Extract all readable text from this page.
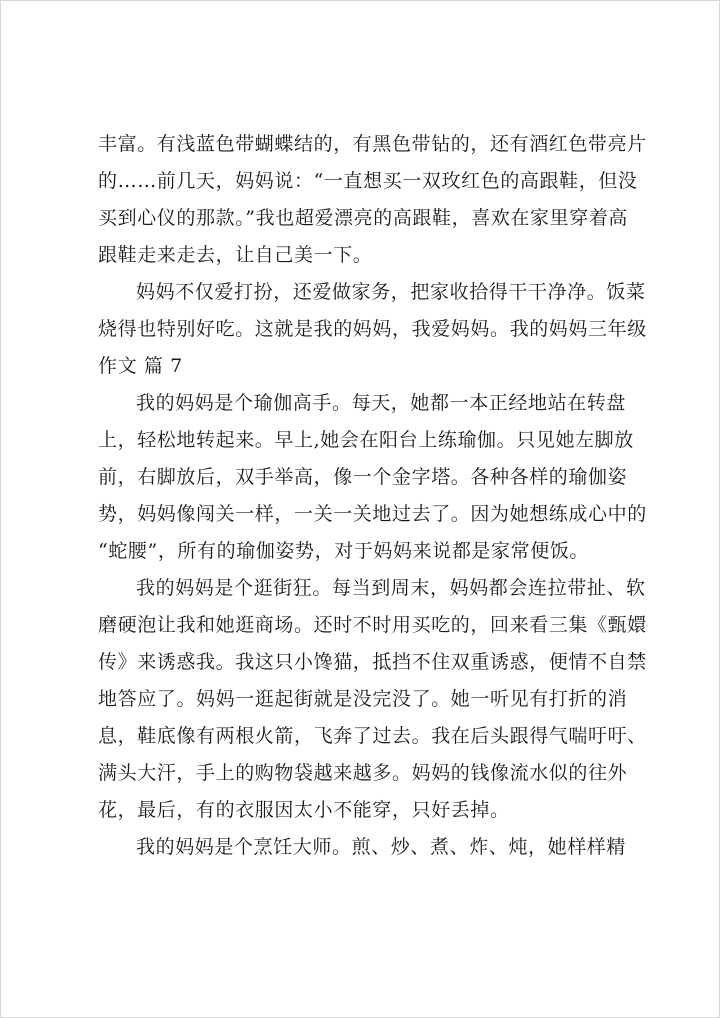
丰富。有浅蓝色带蝴蝶结的，有黑色带钻的，还有酒红色带亮片
的……前几天，妈妈说：“一直想买一双玫红色的高跟鞋，但没
买到心仪的那款。”我也超爱漂亮的高跟鞋，喜欢在家里穿着高
跟鞋走来走去，让自己美一下。
妈妈不仅爱打扮，还爱做家务，把家收拾得干干净净。饭菜
烧得也特别好吃。这就是我的妈妈，我爱妈妈。我的妈妈三年级
作文 篇 7
我的妈妈是个瑜伽高手。每天，她都一本正经地站在转盘
上，轻松地转起来。早上,她会在阳台上练瑜伽。只见她左脚放
前，右脚放后，双手举高，像一个金字塔。各种各样的瑜伽姿
势，妈妈像闯关一样，一关一关地过去了。因为她想练成心中的
“蛇腰”，所有的瑜伽姿势，对于妈妈来说都是家常便饭。
我的妈妈是个逛街狂。每当到周末，妈妈都会连拉带扯、软
磨硬泡让我和她逛商场。还时不时用买吃的，回来看三集《甄嬛
传》来诱惑我。我这只小馋猫，抵挡不住双重诱惑，便情不自禁
地答应了。妈妈一逛起街就是没完没了。她一听见有打折的消
息，鞋底像有两根火箭，飞奔了过去。我在后头跟得气喘吁吁、
满头大汗，手上的购物袋越来越多。妈妈的钱像流水似的往外
花，最后，有的衣服因太小不能穿，只好丢掉。
我的妈妈是个烹饪大师。煎、炒、煮、炸、炖，她样样精
